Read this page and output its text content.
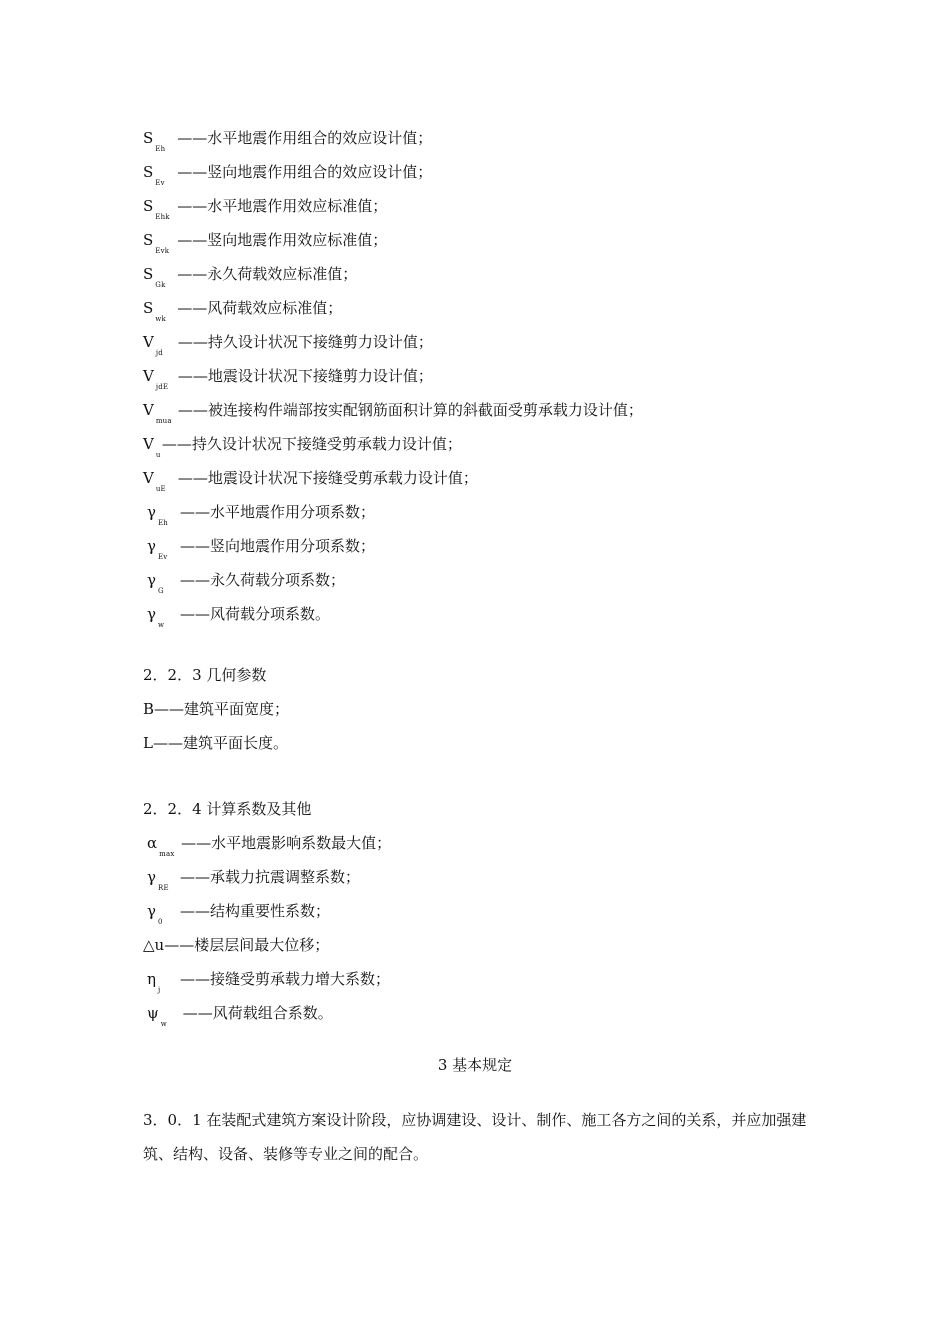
SEh——水平地震作用组合的效应设计值；
SEv——竖向地震作用组合的效应设计值；
SEhk——水平地震作用效应标准值；
SEvk——竖向地震作用效应标准值；
SGk——永久荷载效应标准值；
Swk——风荷载效应标准值；
Vjd——持久设计状况下接缝剪力设计值；
VjdE——地震设计状况下接缝剪力设计值；
Vmua——被连接构件端部按实配钢筋面积计算的斜截面受剪承载力设计值；
Vu——持久设计状况下接缝受剪承载力设计值；
VuE——地震设计状况下接缝受剪承载力设计值；
γEh——水平地震作用分项系数；
γEv——竖向地震作用分项系数；
γG——永久荷载分项系数；
γw——风荷载分项系数。
2．2．3 几何参数
B——建筑平面宽度；
L——建筑平面长度。
2．2．4 计算系数及其他
αmax——水平地震影响系数最大值；
γRE——承载力抗震调整系数；
γ0——结构重要性系数；
△u——楼层层间最大位移；
ηj——接缝受剪承载力增大系数；
ψw——风荷载组合系数。
3 基本规定
3．0．1 在装配式建筑方案设计阶段，应协调建设、设计、制作、施工各方之间的关系，并应加强建筑、结构、设备、装修等专业之间的配合。
